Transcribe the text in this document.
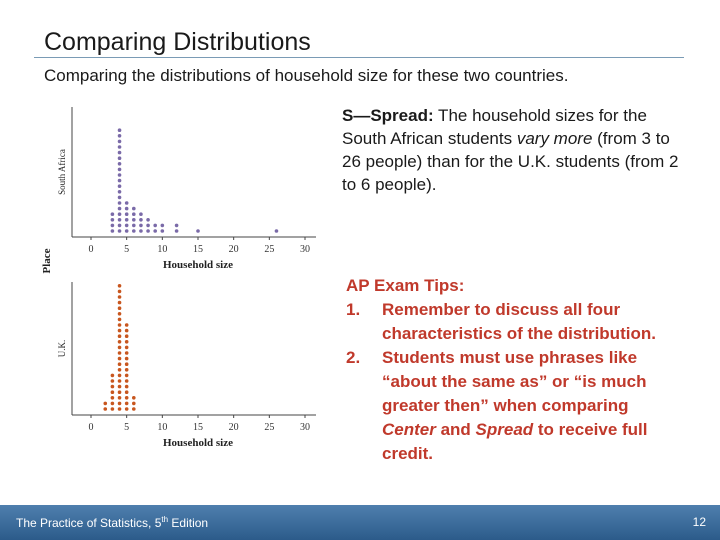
Comparing Distributions
Comparing the distributions of household size for these two countries.
Place
South Africa
0	5	10	15	20	25	30
Household size
U.K.
0	5	10	15	20	25	30
Household size
S—Spread: The household sizes for the South African students vary more (from 3 to 26 people) than for the U.K. students (from 2 to 6 people).
AP Exam Tips:
1. Remember to discuss all four characteristics of the distribution.
2. Students must use phrases like “about the same as” or “is much greater then” when comparing Center and Spread to receive full credit.
The Practice of Statistics, 5th Edition	12
